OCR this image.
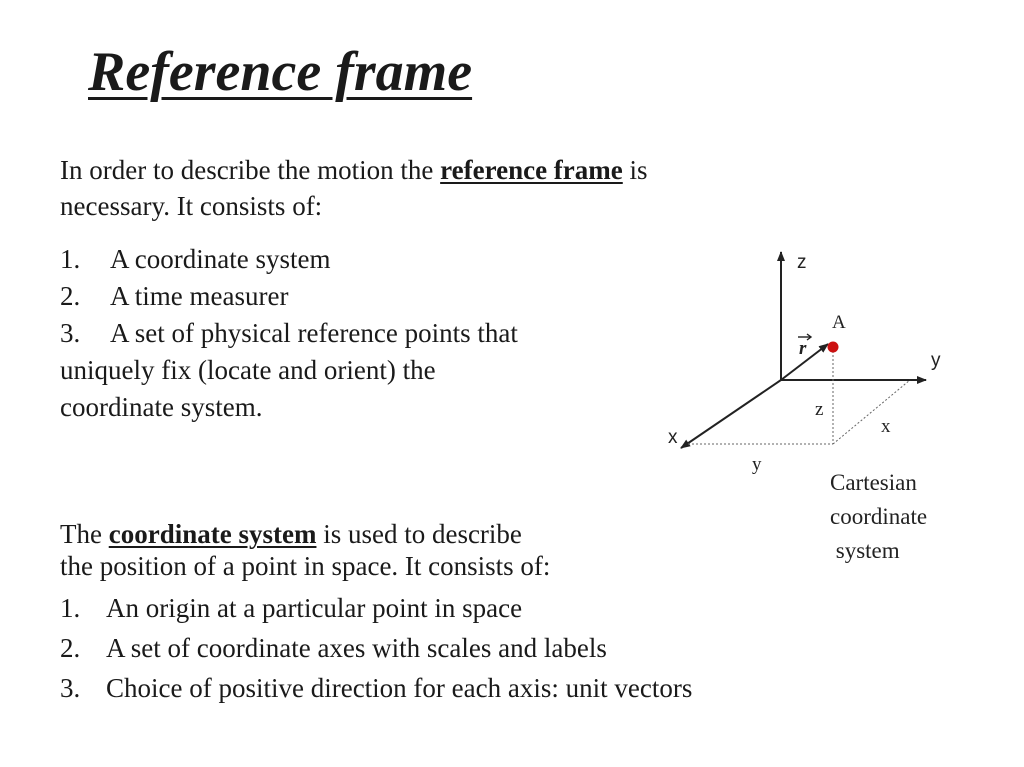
Reference frame
In order to describe the motion the reference frame is
necessary. It consists of:
1. A coordinate system
2. A time measurer
3. A set of physical reference points that
uniquely fix (locate and orient) the
coordinate system.
The coordinate system is used to describe
the position of a point in space. It consists of:
1. An origin at a particular point in space
2. A set of coordinate axes with scales and labels
3. Choice of positive direction for each axis: unit vectors
z
y
x
A
r
z
x
y
Cartesian
coordinate
system
